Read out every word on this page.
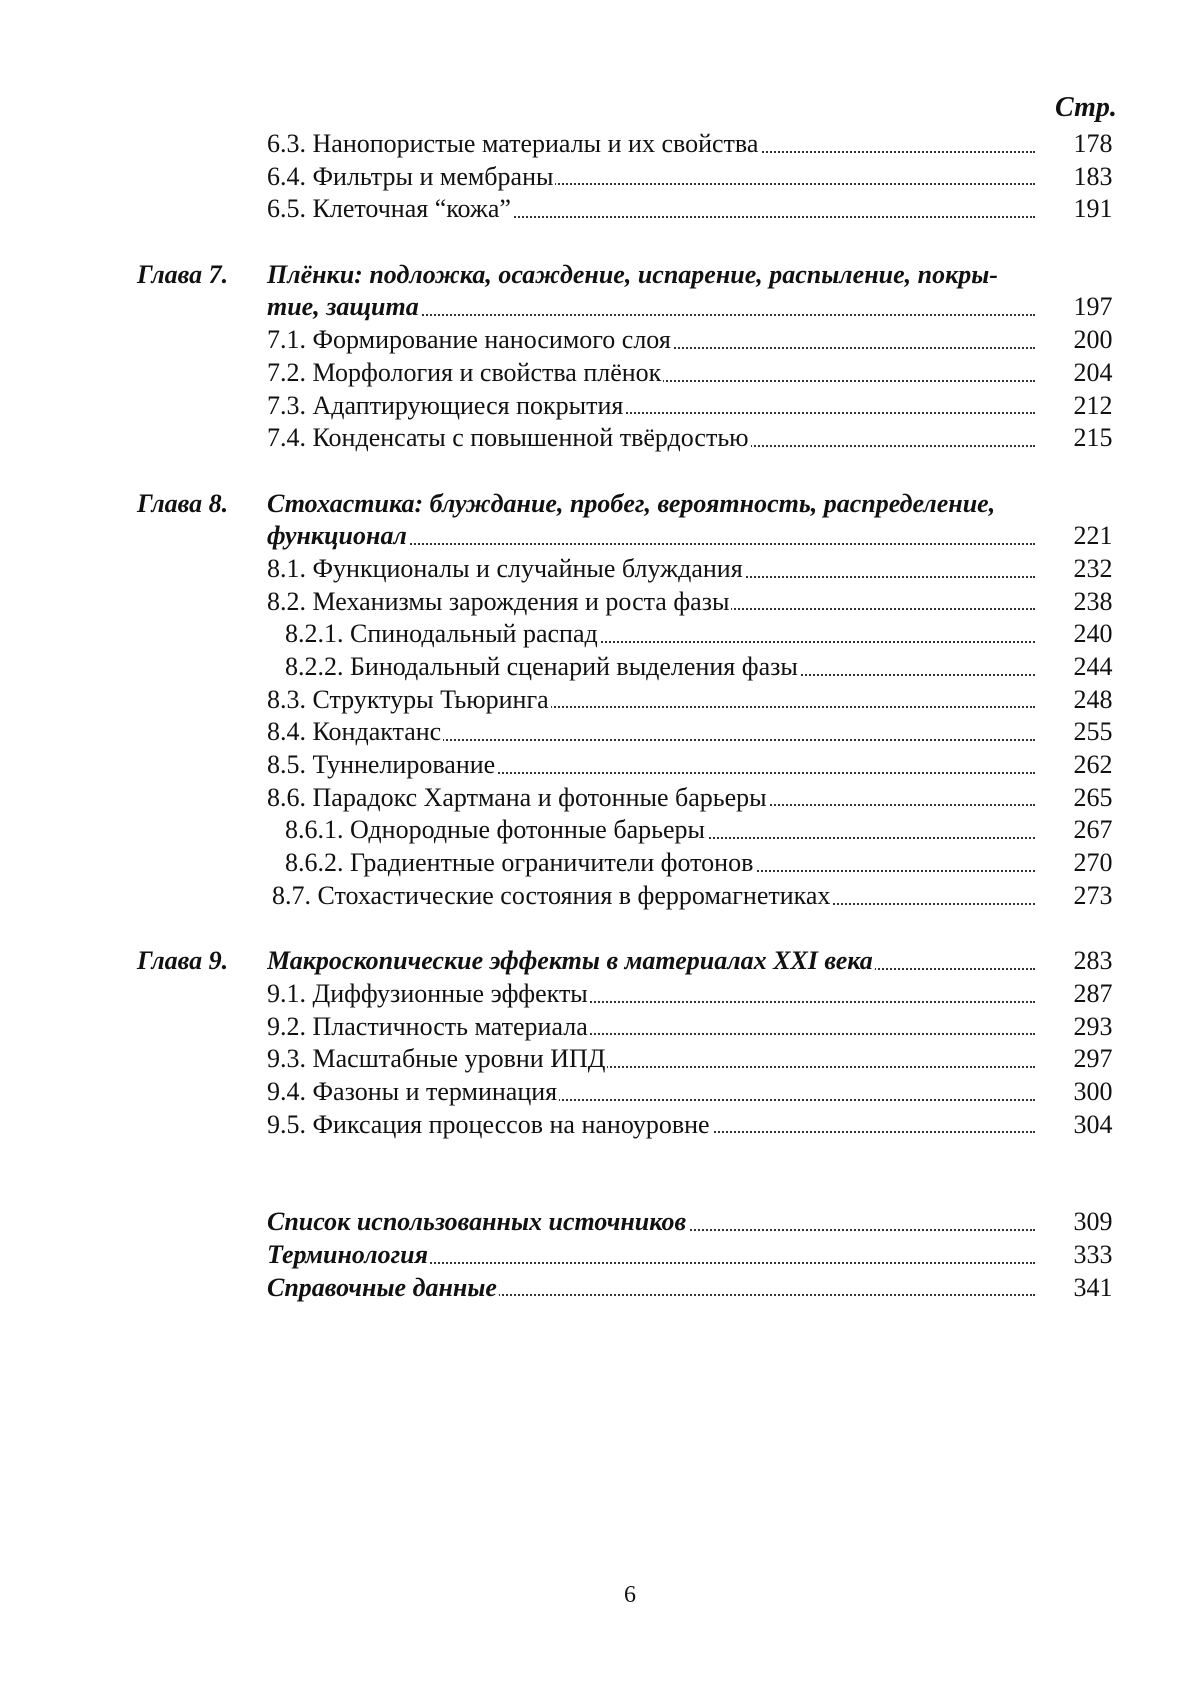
Стр.
6.3. Нанопористые материалы и их свойства	178
6.4. Фильтры и мембраны	183
6.5. Клеточная “кожа”	191
Глава 7. Плёнки: подложка, осаждение, испарение, распыление, покры-
тие, защита	197
7.1. Формирование наносимого слоя	200
7.2. Морфология и свойства плёнок	204
7.3. Адаптирующиеся покрытия	212
7.4. Конденсаты с повышенной твёрдостью	215
Глава 8. Стохастика: блуждание, пробег, вероятность, распределение,
функционал	221
8.1. Функционалы и случайные блуждания	232
8.2. Механизмы зарождения и роста фазы	238
8.2.1. Спинодальный распад	240
8.2.2. Бинодальный сценарий выделения фазы	244
8.3. Структуры Тьюринга	248
8.4. Кондактанс	255
8.5. Туннелирование	262
8.6. Парадокс Хартмана и фотонные барьеры	265
8.6.1. Однородные фотонные барьеры	267
8.6.2. Градиентные ограничители фотонов	270
8.7. Стохастические состояния в ферромагнетиках	273
Глава 9. Макроскопические эффекты в материалах XXI века	283
9.1. Диффузионные эффекты	287
9.2. Пластичность материала	293
9.3. Масштабные уровни ИПД	297
9.4. Фазоны и терминация	300
9.5. Фиксация процессов на наноуровне	304
Список использованных источников	309
Терминология	333
Справочные данные	341
6
